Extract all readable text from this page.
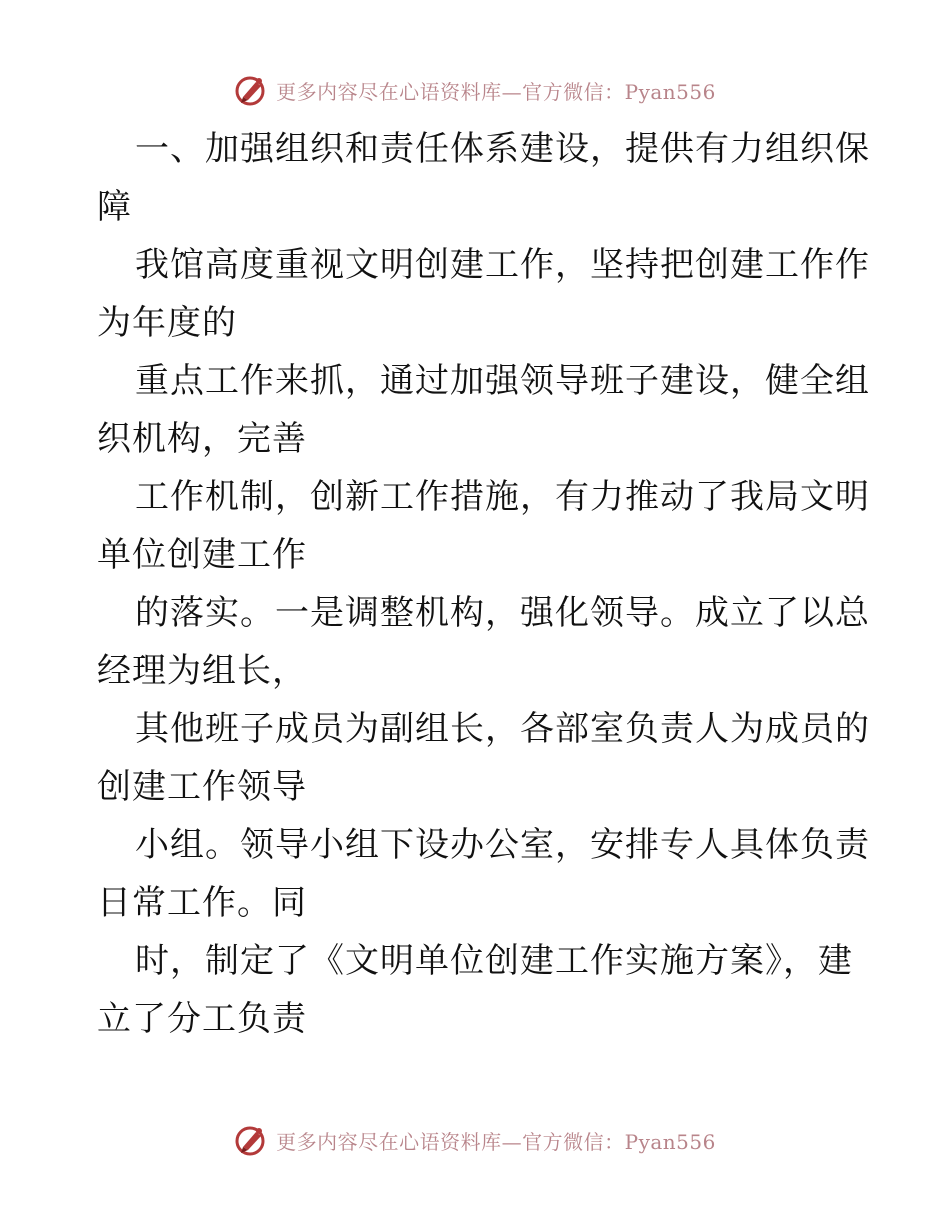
更多内容尽在心语资料库—官方微信：Pyan556
一、加强组织和责任体系建设，提供有力组织保
障
我馆高度重视文明创建工作，坚持把创建工作作
为年度的
重点工作来抓，通过加强领导班子建设，健全组
织机构，完善
工作机制，创新工作措施，有力推动了我局文明
单位创建工作
的落实。一是调整机构，强化领导。成立了以总
经理为组长，
其他班子成员为副组长，各部室负责人为成员的
创建工作领导
小组。领导小组下设办公室，安排专人具体负责
日常工作。同
时，制定了《文明单位创建工作实施方案》，建
立了分工负责
更多内容尽在心语资料库—官方微信：Pyan556
